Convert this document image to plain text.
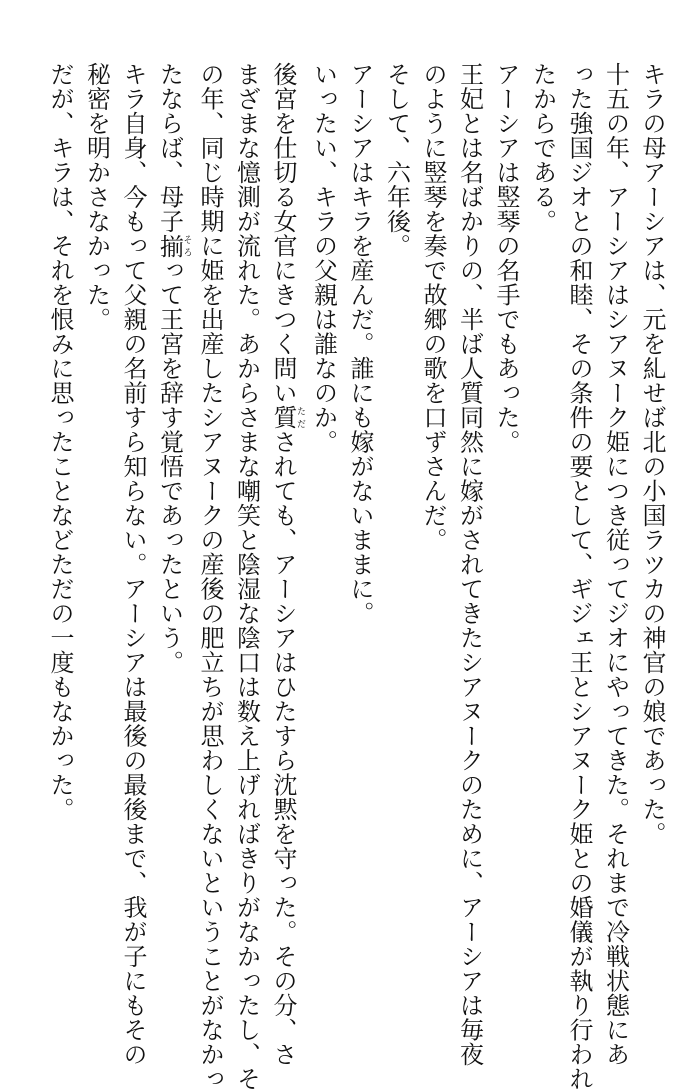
キラの母アーシアは、元を糺せば北の小国ラツカの神官の娘であった。
十五の年、アーシアはシアヌーク姫につき従ってジオにやってきた。それまで冷戦状態にあ
った強国ジオとの和睦、その条件の要として、ギジェ王とシアヌーク姫との婚儀が執り行われ
たからである。
アーシアは竪琴の名手でもあった。
王妃とは名ばかりの、半ば人質同然に嫁がされてきたシアヌークのために、アーシアは毎夜
のように竪琴を奏で故郷の歌を口ずさんだ。
そして、六年後。
アーシアはキラを産んだ。誰にも嫁がないままに。
いったい、キラの父親は誰なのか。
後宮を仕切る女官にきつく問い質ただされても、アーシアはひたすら沈黙を守った。その分、さ
まざまな憶測が流れた。あからさまな嘲笑と陰湿な陰口は数え上げればきりがなかったし、そ
の年、同じ時期に姫を出産したシアヌークの産後の肥立ちが思わしくないということがなかっ
たならば、母子揃そろって王宮を辞す覚悟であったという。
キラ自身、今もって父親の名前すら知らない。アーシアは最後の最後まで、我が子にもその
秘密を明かさなかった。
だが、キラは、それを恨みに思ったことなどただの一度もなかった。
